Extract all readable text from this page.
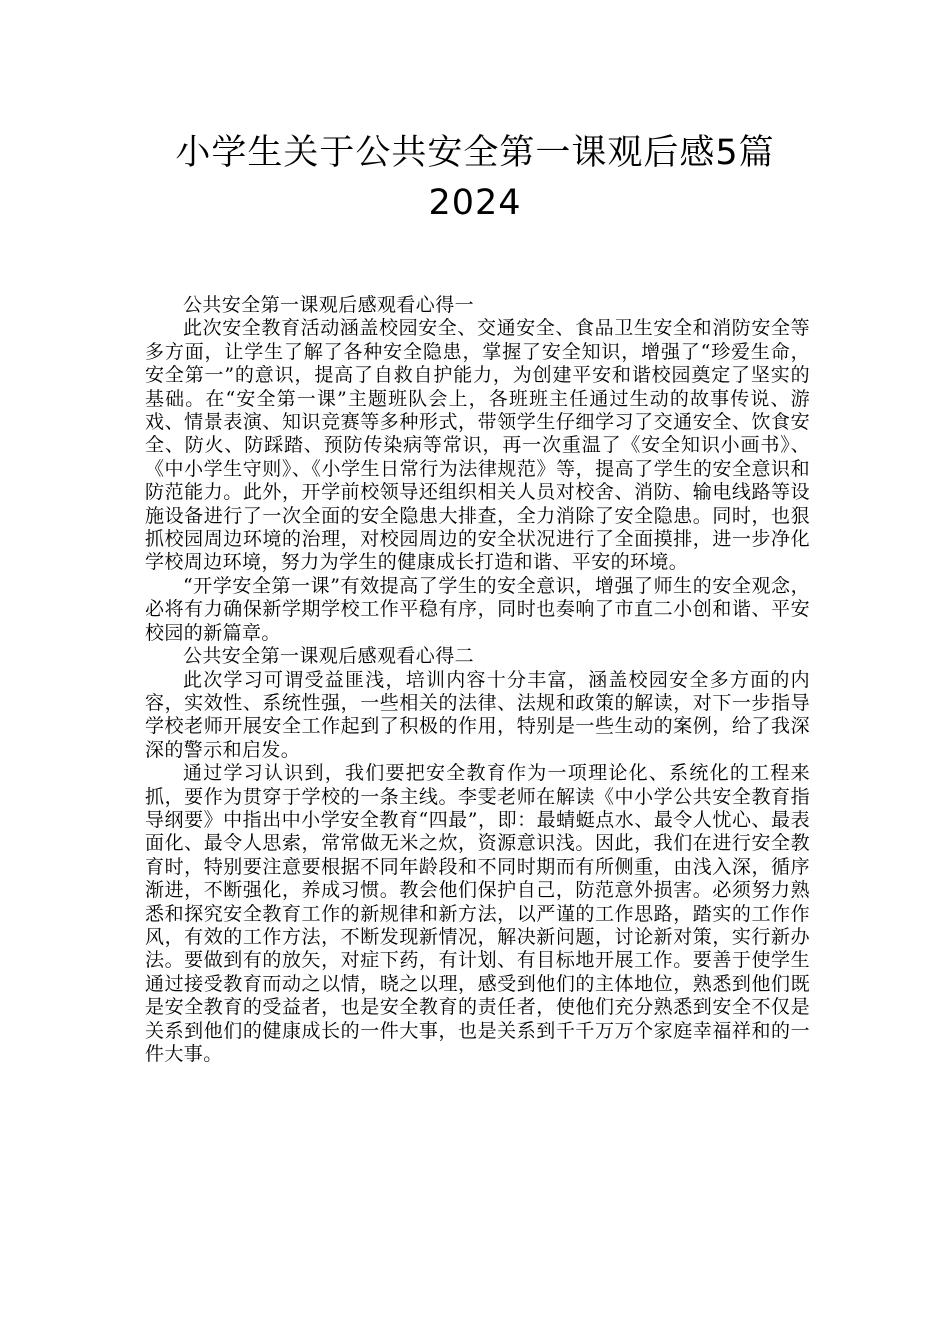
小学生关于公共安全第一课观后感5篇
2024

公共安全第一课观后感观看心得一

此次安全教育活动涵盖校园安全、交通安全、食品卫生安全和消防安全等多方面，让学生了解了各种安全隐患，掌握了安全知识，增强了“珍爱生命，安全第一”的意识，提高了自救自护能力，为创建平安和谐校园奠定了坚实的基础。在“安全第一课”主题班队会上，各班班主任通过生动的故事传说、游戏、情景表演、知识竞赛等多种形式，带领学生仔细学习了交通安全、饮食安全、防火、防踩踏、预防传染病等常识，再一次重温了《安全知识小画书》、《中小学生守则》、《小学生日常行为法律规范》等，提高了学生的安全意识和防范能力。此外，开学前校领导还组织相关人员对校舍、消防、输电线路等设施设备进行了一次全面的安全隐患大排查，全力消除了安全隐患。同时，也狠抓校园周边环境的治理，对校园周边的安全状况进行了全面摸排，进一步净化学校周边环境，努力为学生的健康成长打造和谐、平安的环境。

“开学安全第一课”有效提高了学生的安全意识，增强了师生的安全观念，必将有力确保新学期学校工作平稳有序，同时也奏响了市直二小创和谐、平安校园的新篇章。

公共安全第一课观后感观看心得二

此次学习可谓受益匪浅，培训内容十分丰富，涵盖校园安全多方面的内容，实效性、系统性强，一些相关的法律、法规和政策的解读，对下一步指导学校老师开展安全工作起到了积极的作用，特别是一些生动的案例，给了我深深的警示和启发。

通过学习认识到，我们要把安全教育作为一项理论化、系统化的工程来抓，要作为贯穿于学校的一条主线。李雯老师在解读《中小学公共安全教育指导纲要》中指出中小学安全教育“四最”，即：最蜻蜓点水、最令人忧心、最表面化、最令人思索，常常做无米之炊，资源意识浅。因此，我们在进行安全教育时，特别要注意要根据不同年龄段和不同时期而有所侧重，由浅入深，循序渐进，不断强化，养成习惯。教会他们保护自己，防范意外损害。必须努力熟悉和探究安全教育工作的新规律和新方法，以严谨的工作思路，踏实的工作作风，有效的工作方法，不断发现新情况，解决新问题，讨论新对策，实行新办法。要做到有的放矢，对症下药，有计划、有目标地开展工作。要善于使学生通过接受教育而动之以情，晓之以理，感受到他们的主体地位，熟悉到他们既是安全教育的受益者，也是安全教育的责任者，使他们充分熟悉到安全不仅是关系到他们的健康成长的一件大事，也是关系到千千万万个家庭幸福祥和的一件大事。
